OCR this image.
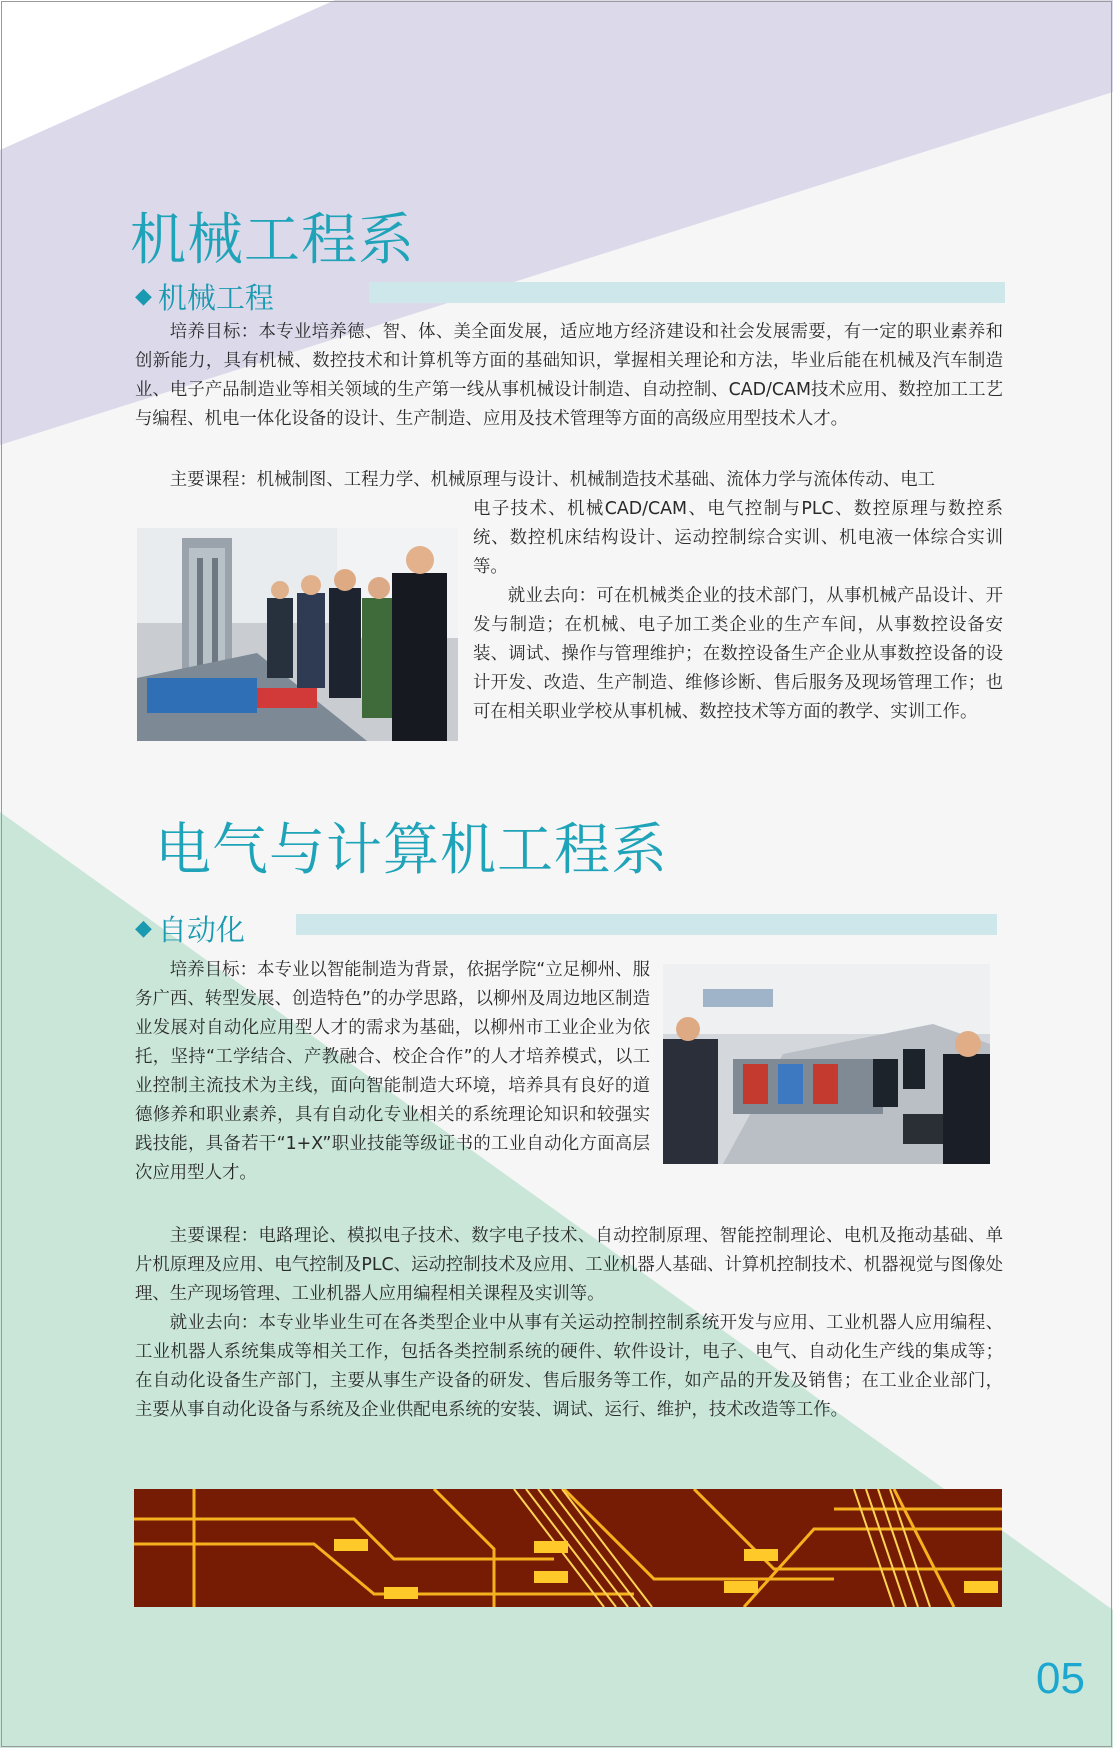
机械工程系
◆ 机械工程

培养目标：本专业培养德、智、体、美全面发展，适应地方经济建设和社会发展需要，有一定的职业素养和创新能力，具有机械、数控技术和计算机等方面的基础知识，掌握相关理论和方法，毕业后能在机械及汽车制造业、电子产品制造业等相关领域的生产第一线从事机械设计制造、自动控制、CAD/CAM技术应用、数控加工工艺与编程、机电一体化设备的设计、生产制造、应用及技术管理等方面的高级应用型技术人才。

主要课程：机械制图、工程力学、机械原理与设计、机械制造技术基础、流体力学与流体传动、电工

电子技术、机械CAD/CAM、电气控制与PLC、数控原理与数控系统、数控机床结构设计、运动控制综合实训、机电液一体综合实训等。

就业去向：可在机械类企业的技术部门，从事机械产品设计、开发与制造；在机械、电子加工类企业的生产车间，从事数控设备安装、调试、操作与管理维护；在数控设备生产企业从事数控设备的设计开发、改造、生产制造、维修诊断、售后服务及现场管理工作；也可在相关职业学校从事机械、数控技术等方面的教学、实训工作。

电气与计算机工程系
◆ 自动化

培养目标：本专业以智能制造为背景，依据学院“立足柳州、服务广西、转型发展、创造特色”的办学思路，以柳州及周边地区制造业发展对自动化应用型人才的需求为基础，以柳州市工业企业为依托，坚持“工学结合、产教融合、校企合作”的人才培养模式，以工业控制主流技术为主线，面向智能制造大环境，培养具有良好的道德修养和职业素养，具有自动化专业相关的系统理论知识和较强实践技能，具备若干“1+X”职业技能等级证书的工业自动化方面高层次应用型人才。

主要课程：电路理论、模拟电子技术、数字电子技术、自动控制原理、智能控制理论、电机及拖动基础、单片机原理及应用、电气控制及PLC、运动控制技术及应用、工业机器人基础、计算机控制技术、机器视觉与图像处理、生产现场管理、工业机器人应用编程相关课程及实训等。

就业去向：本专业毕业生可在各类型企业中从事有关运动控制控制系统开发与应用、工业机器人应用编程、工业机器人系统集成等相关工作，包括各类控制系统的硬件、软件设计，电子、电气、自动化生产线的集成等；在自动化设备生产部门，主要从事生产设备的研发、售后服务等工作，如产品的开发及销售；在工业企业部门，主要从事自动化设备与系统及企业供配电系统的安装、调试、运行、维护，技术改造等工作。

05
